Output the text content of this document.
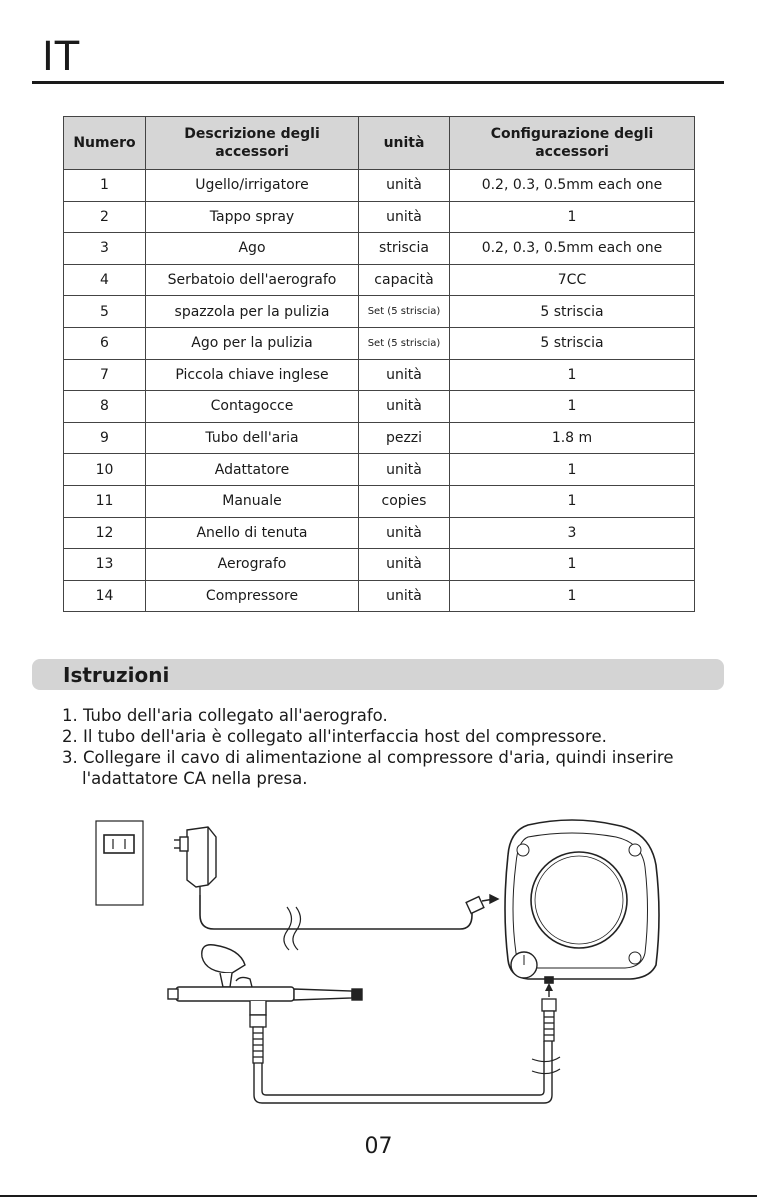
IT
Numero	Descrizione degli accessori	unità	Configurazione degli accessori
1	Ugello/irrigatore	unità	0.2, 0.3, 0.5mm each one
2	Tappo spray	unità	1
3	Ago	striscia	0.2, 0.3, 0.5mm each one
4	Serbatoio dell'aerografo	capacità	7CC
5	spazzola per la pulizia	Set (5 striscia)	5 striscia
6	Ago per la pulizia	Set (5 striscia)	5 striscia
7	Piccola chiave inglese	unità	1
8	Contagocce	unità	1
9	Tubo dell'aria	pezzi	1.8 m
10	Adattatore	unità	1
11	Manuale	copies	1
12	Anello di tenuta	unità	3
13	Aerografo	unità	1
14	Compressore	unità	1
Istruzioni
1. Tubo dell'aria collegato all'aerografo.
2. Il tubo dell'aria è collegato all'interfaccia host del compressore.
3. Collegare il cavo di alimentazione al compressore d'aria, quindi inserire l'adattatore CA nella presa.
07
